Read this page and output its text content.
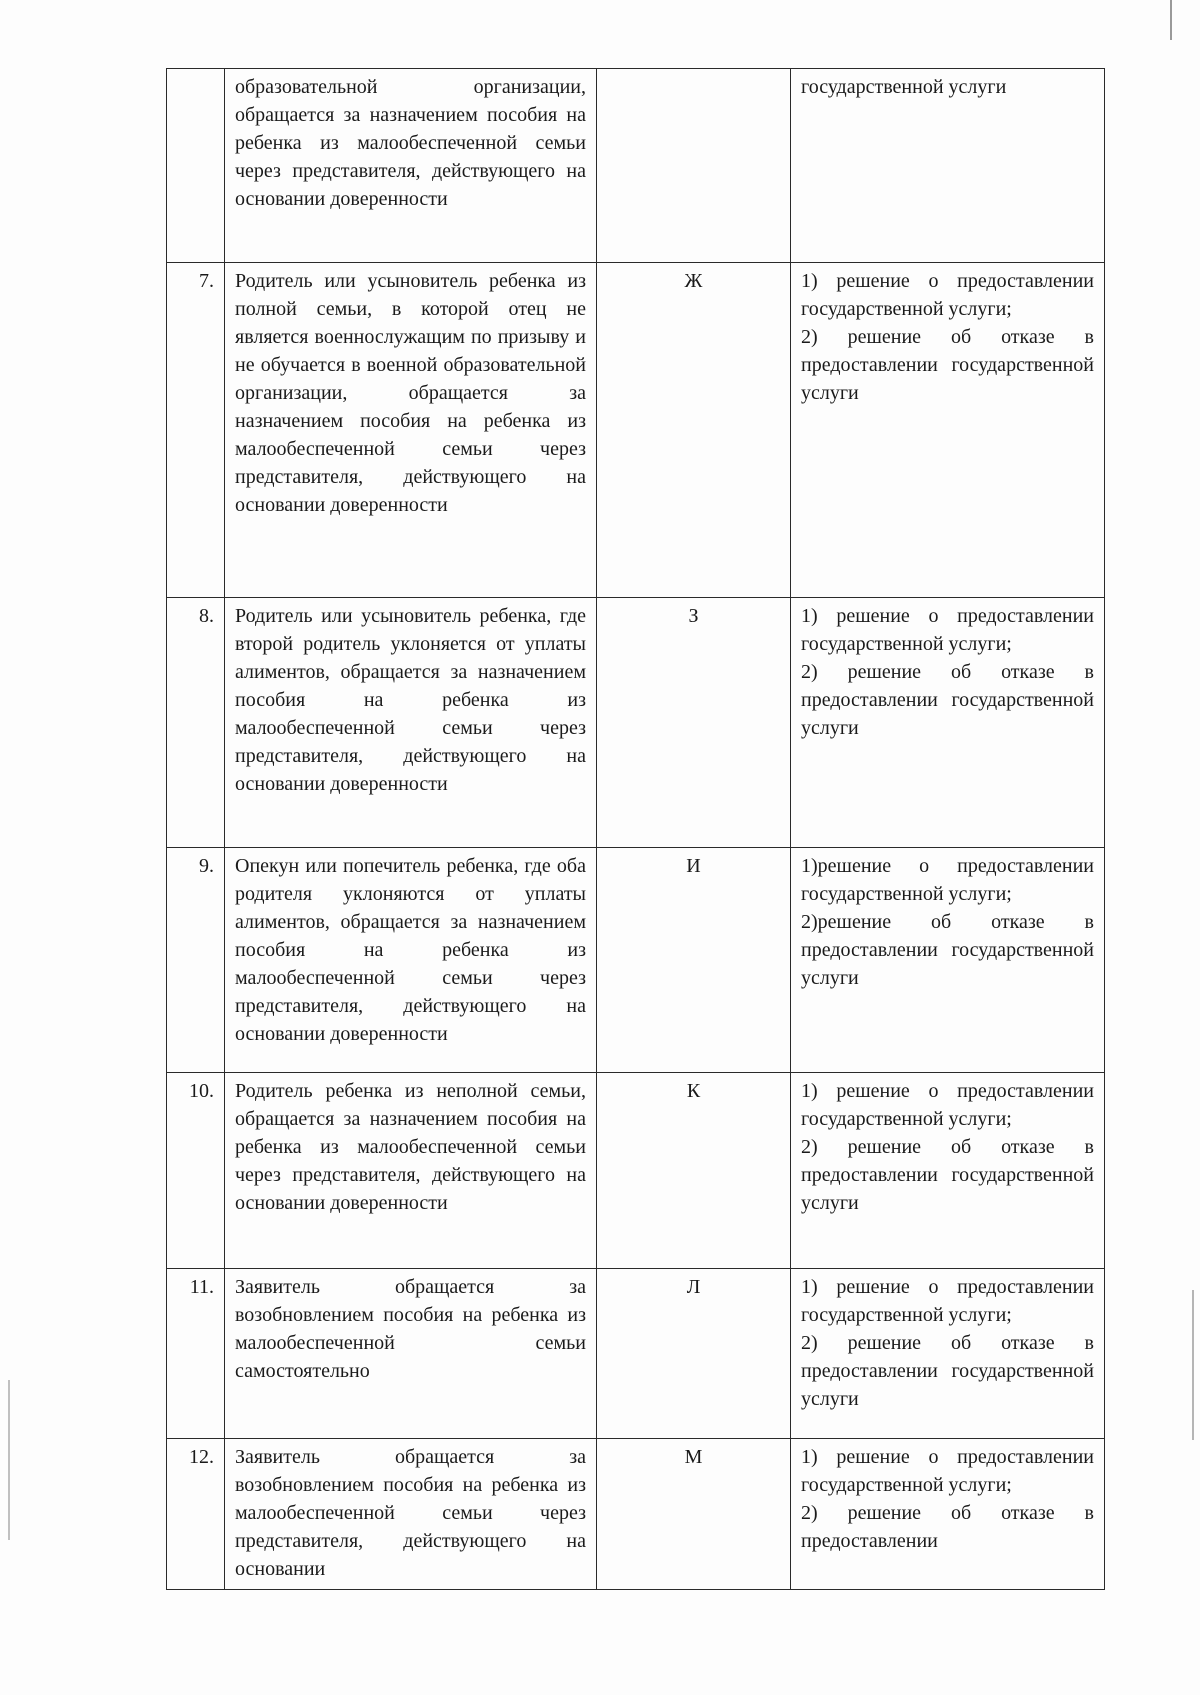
	образовательной организации, обращается за назначением пособия на ребенка из малообеспеченной семьи через представителя, действующего на основании доверенности		государственной услуги

7.	Родитель или усыновитель ребенка из полной семьи, в которой отец не является военнослужащим по призыву и не обучается в военной образовательной организации, обращается за назначением пособия на ребенка из малообеспеченной семьи через представителя, действующего на основании доверенности	Ж	1) решение о предоставлении государственной услуги;
2) решение об отказе в предоставлении государственной услуги

8.	Родитель или усыновитель ребенка, где второй родитель уклоняется от уплаты алиментов, обращается за назначением пособия на ребенка из малообеспеченной семьи через представителя, действующего на основании доверенности	З	1) решение о предоставлении государственной услуги;
2) решение об отказе в предоставлении государственной услуги

9.	Опекун или попечитель ребенка, где оба родителя уклоняются от уплаты алиментов, обращается за назначением пособия на ребенка из малообеспеченной семьи через представителя, действующего на основании доверенности	И	1)решение о предоставлении государственной услуги;
2)решение об отказе в предоставлении государственной услуги

10.	Родитель ребенка из неполной семьи, обращается за назначением пособия на ребенка из малообеспеченной семьи через представителя, действующего на основании доверенности	К	1) решение о предоставлении государственной услуги;
2) решение об отказе в предоставлении государственной услуги

11.	Заявитель обращается за возобновлением пособия на ребенка из малообеспеченной семьи самостоятельно	Л	1) решение о предоставлении государственной услуги;
2) решение об отказе в предоставлении государственной услуги

12.	Заявитель обращается за возобновлением пособия на ребенка из малообеспеченной семьи через представителя, действующего на основании	М	1) решение о предоставлении государственной услуги;
2) решение об отказе в предоставлении
